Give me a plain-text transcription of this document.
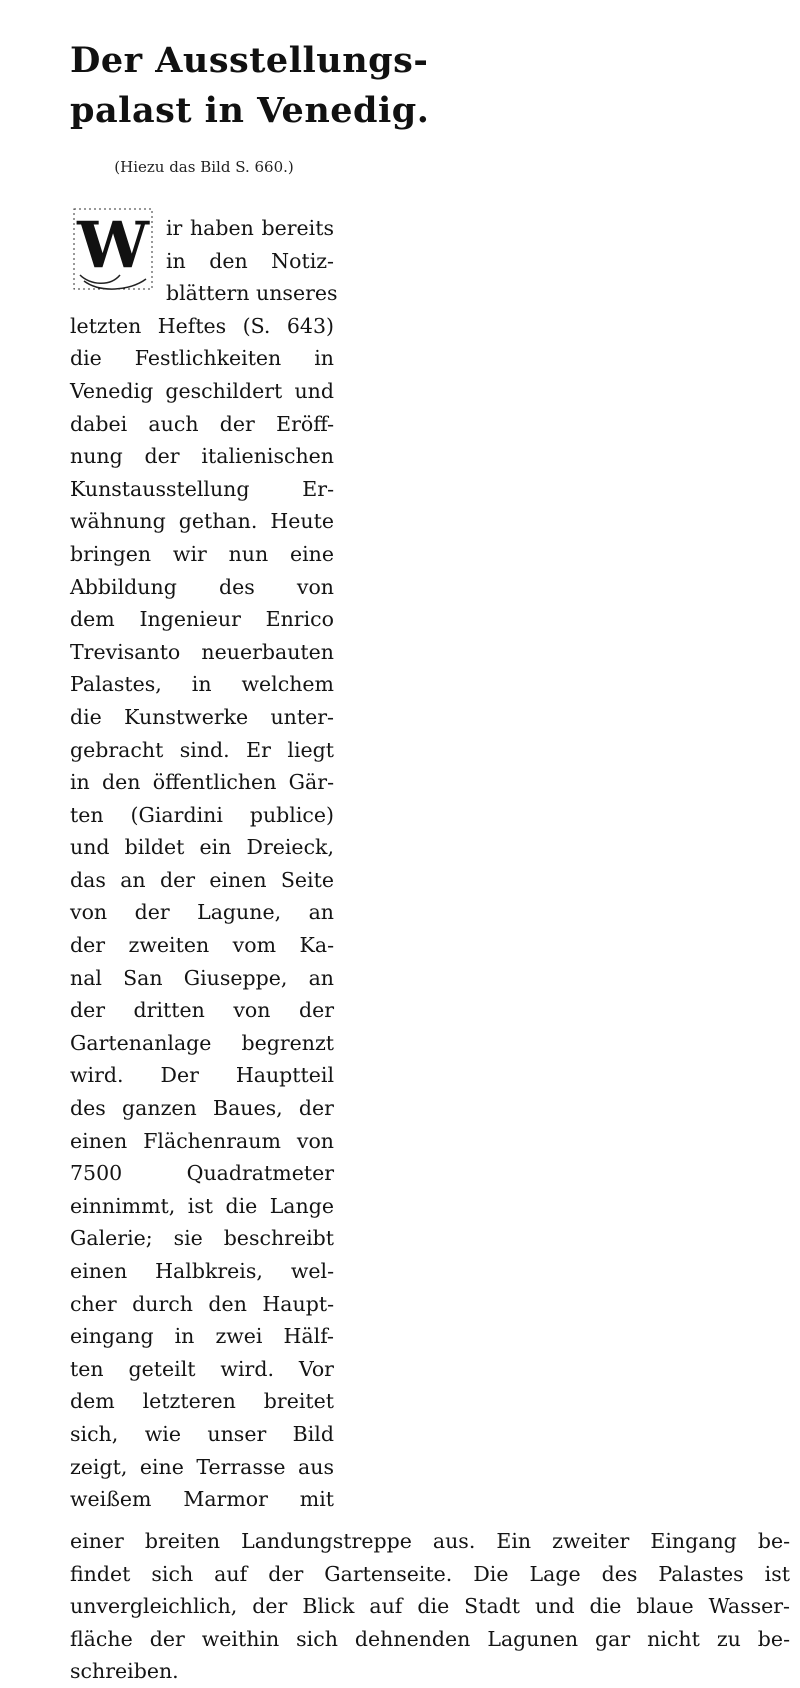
Der Ausstellungs-
palast in Venedig.
(Hiezu das Bild S. 660.)
W ir haben bereits
in den Notiz-
blättern unseres
letzten Heftes (S. 643)
die Festlichkeiten in
Venedig geschildert und
dabei auch der Eröff-
nung der italienischen
Kunstausstellung Er-
wähnung gethan. Heute
bringen wir nun eine
Abbildung des von
dem Ingenieur Enrico
Trevisanto neuerbauten
Palastes, in welchem
die Kunstwerke unter-
gebracht sind. Er liegt
in den öffentlichen Gär-
ten (Giardini publice)
und bildet ein Dreieck,
das an der einen Seite
von der Lagune, an
der zweiten vom Ka-
nal San Giuseppe, an
der dritten von der
Gartenanlage begrenzt
wird. Der Hauptteil
des ganzen Baues, der
einen Flächenraum von
7500 Quadratmeter
einnimmt, ist die Lange
Galerie; sie beschreibt
einen Halbkreis, wel-
cher durch den Haupt-
eingang in zwei Hälf-
ten geteilt wird. Vor
dem letzteren breitet
sich, wie unser Bild
zeigt, eine Terrasse aus
weißem Marmor mit
einer breiten Landungstreppe aus. Ein zweiter Eingang be-
findet sich auf der Gartenseite. Die Lage des Palastes ist
unvergleichlich, der Blick auf die Stadt und die blaue Wasser-
fläche der weithin sich dehnenden Lagunen gar nicht zu be-
schreiben.
